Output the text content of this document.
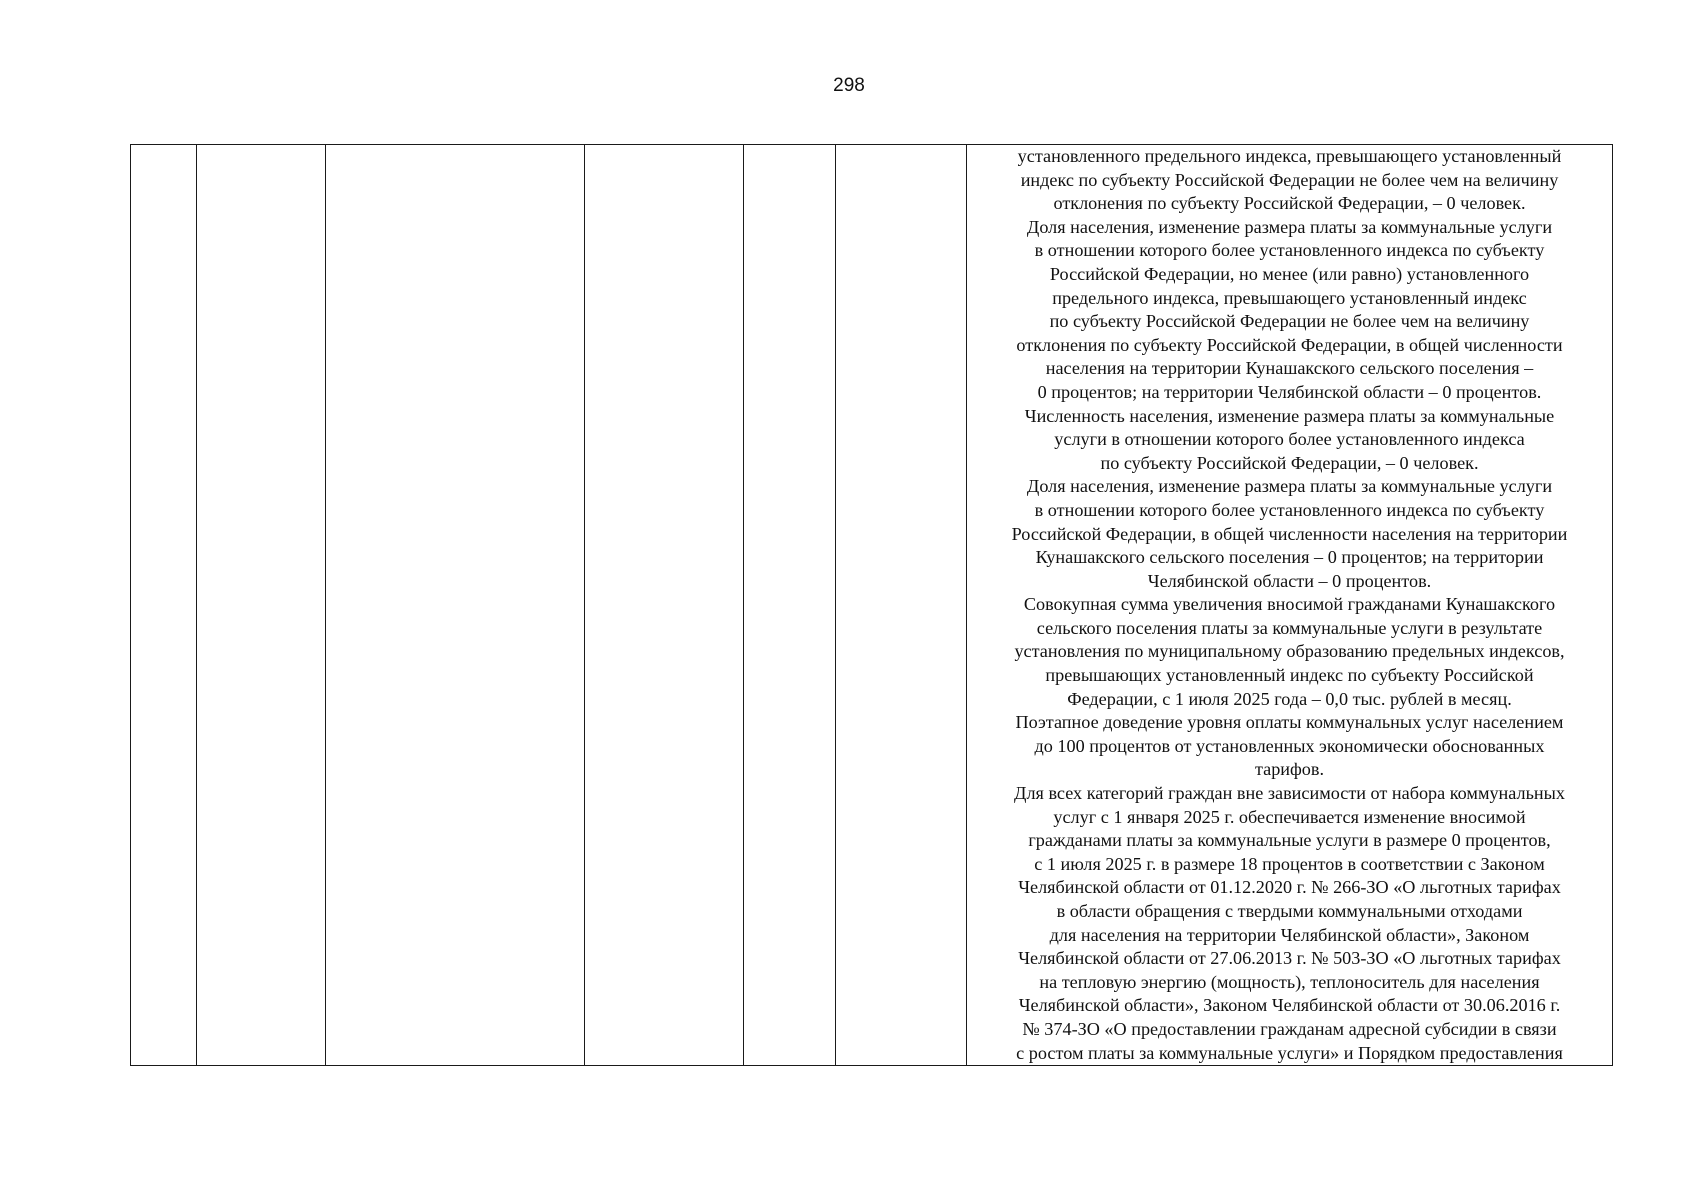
298

установленного предельного индекса, превышающего установленный

индекс по субъекту Российской Федерации не более чем на величину

отклонения по субъекту Российской Федерации, – 0 человек.

Доля населения, изменение размера платы за коммунальные услуги

в отношении которого более установленного индекса по субъекту

Российской Федерации, но менее (или равно) установленного

предельного индекса, превышающего установленный индекс

по субъекту Российской Федерации не более чем на величину

отклонения по субъекту Российской Федерации, в общей численности

населения на территории Кунашакского сельского поселения –

0 процентов; на территории Челябинской области – 0 процентов.

Численность населения, изменение размера платы за коммунальные

услуги в отношении которого более установленного индекса

по субъекту Российской Федерации, – 0 человек.

Доля населения, изменение размера платы за коммунальные услуги

в отношении которого более установленного индекса по субъекту

Российской Федерации, в общей численности населения на территории

Кунашакского сельского поселения – 0 процентов; на территории

Челябинской области – 0 процентов.

Совокупная сумма увеличения вносимой гражданами Кунашакского

сельского поселения платы за коммунальные услуги в результате

установления по муниципальному образованию предельных индексов,

превышающих установленный индекс по субъекту Российской

Федерации, с 1 июля 2025 года – 0,0 тыс. рублей в месяц.

Поэтапное доведение уровня оплаты коммунальных услуг населением

до 100 процентов от установленных экономически обоснованных

тарифов.

Для всех категорий граждан вне зависимости от набора коммунальных

услуг с 1 января 2025 г. обеспечивается изменение вносимой

гражданами платы за коммунальные услуги в размере 0 процентов,

с 1 июля 2025 г. в размере 18 процентов в соответствии с Законом

Челябинской области от 01.12.2020 г. № 266-ЗО «О льготных тарифах

в области обращения с твердыми коммунальными отходами

для населения на территории Челябинской области», Законом

Челябинской области от 27.06.2013 г. № 503-ЗО «О льготных тарифах

на тепловую энергию (мощность), теплоноситель для населения

Челябинской области», Законом Челябинской области от 30.06.2016 г.

№ 374-ЗО «О предоставлении гражданам адресной субсидии в связи

с ростом платы за коммунальные услуги» и Порядком предоставления
